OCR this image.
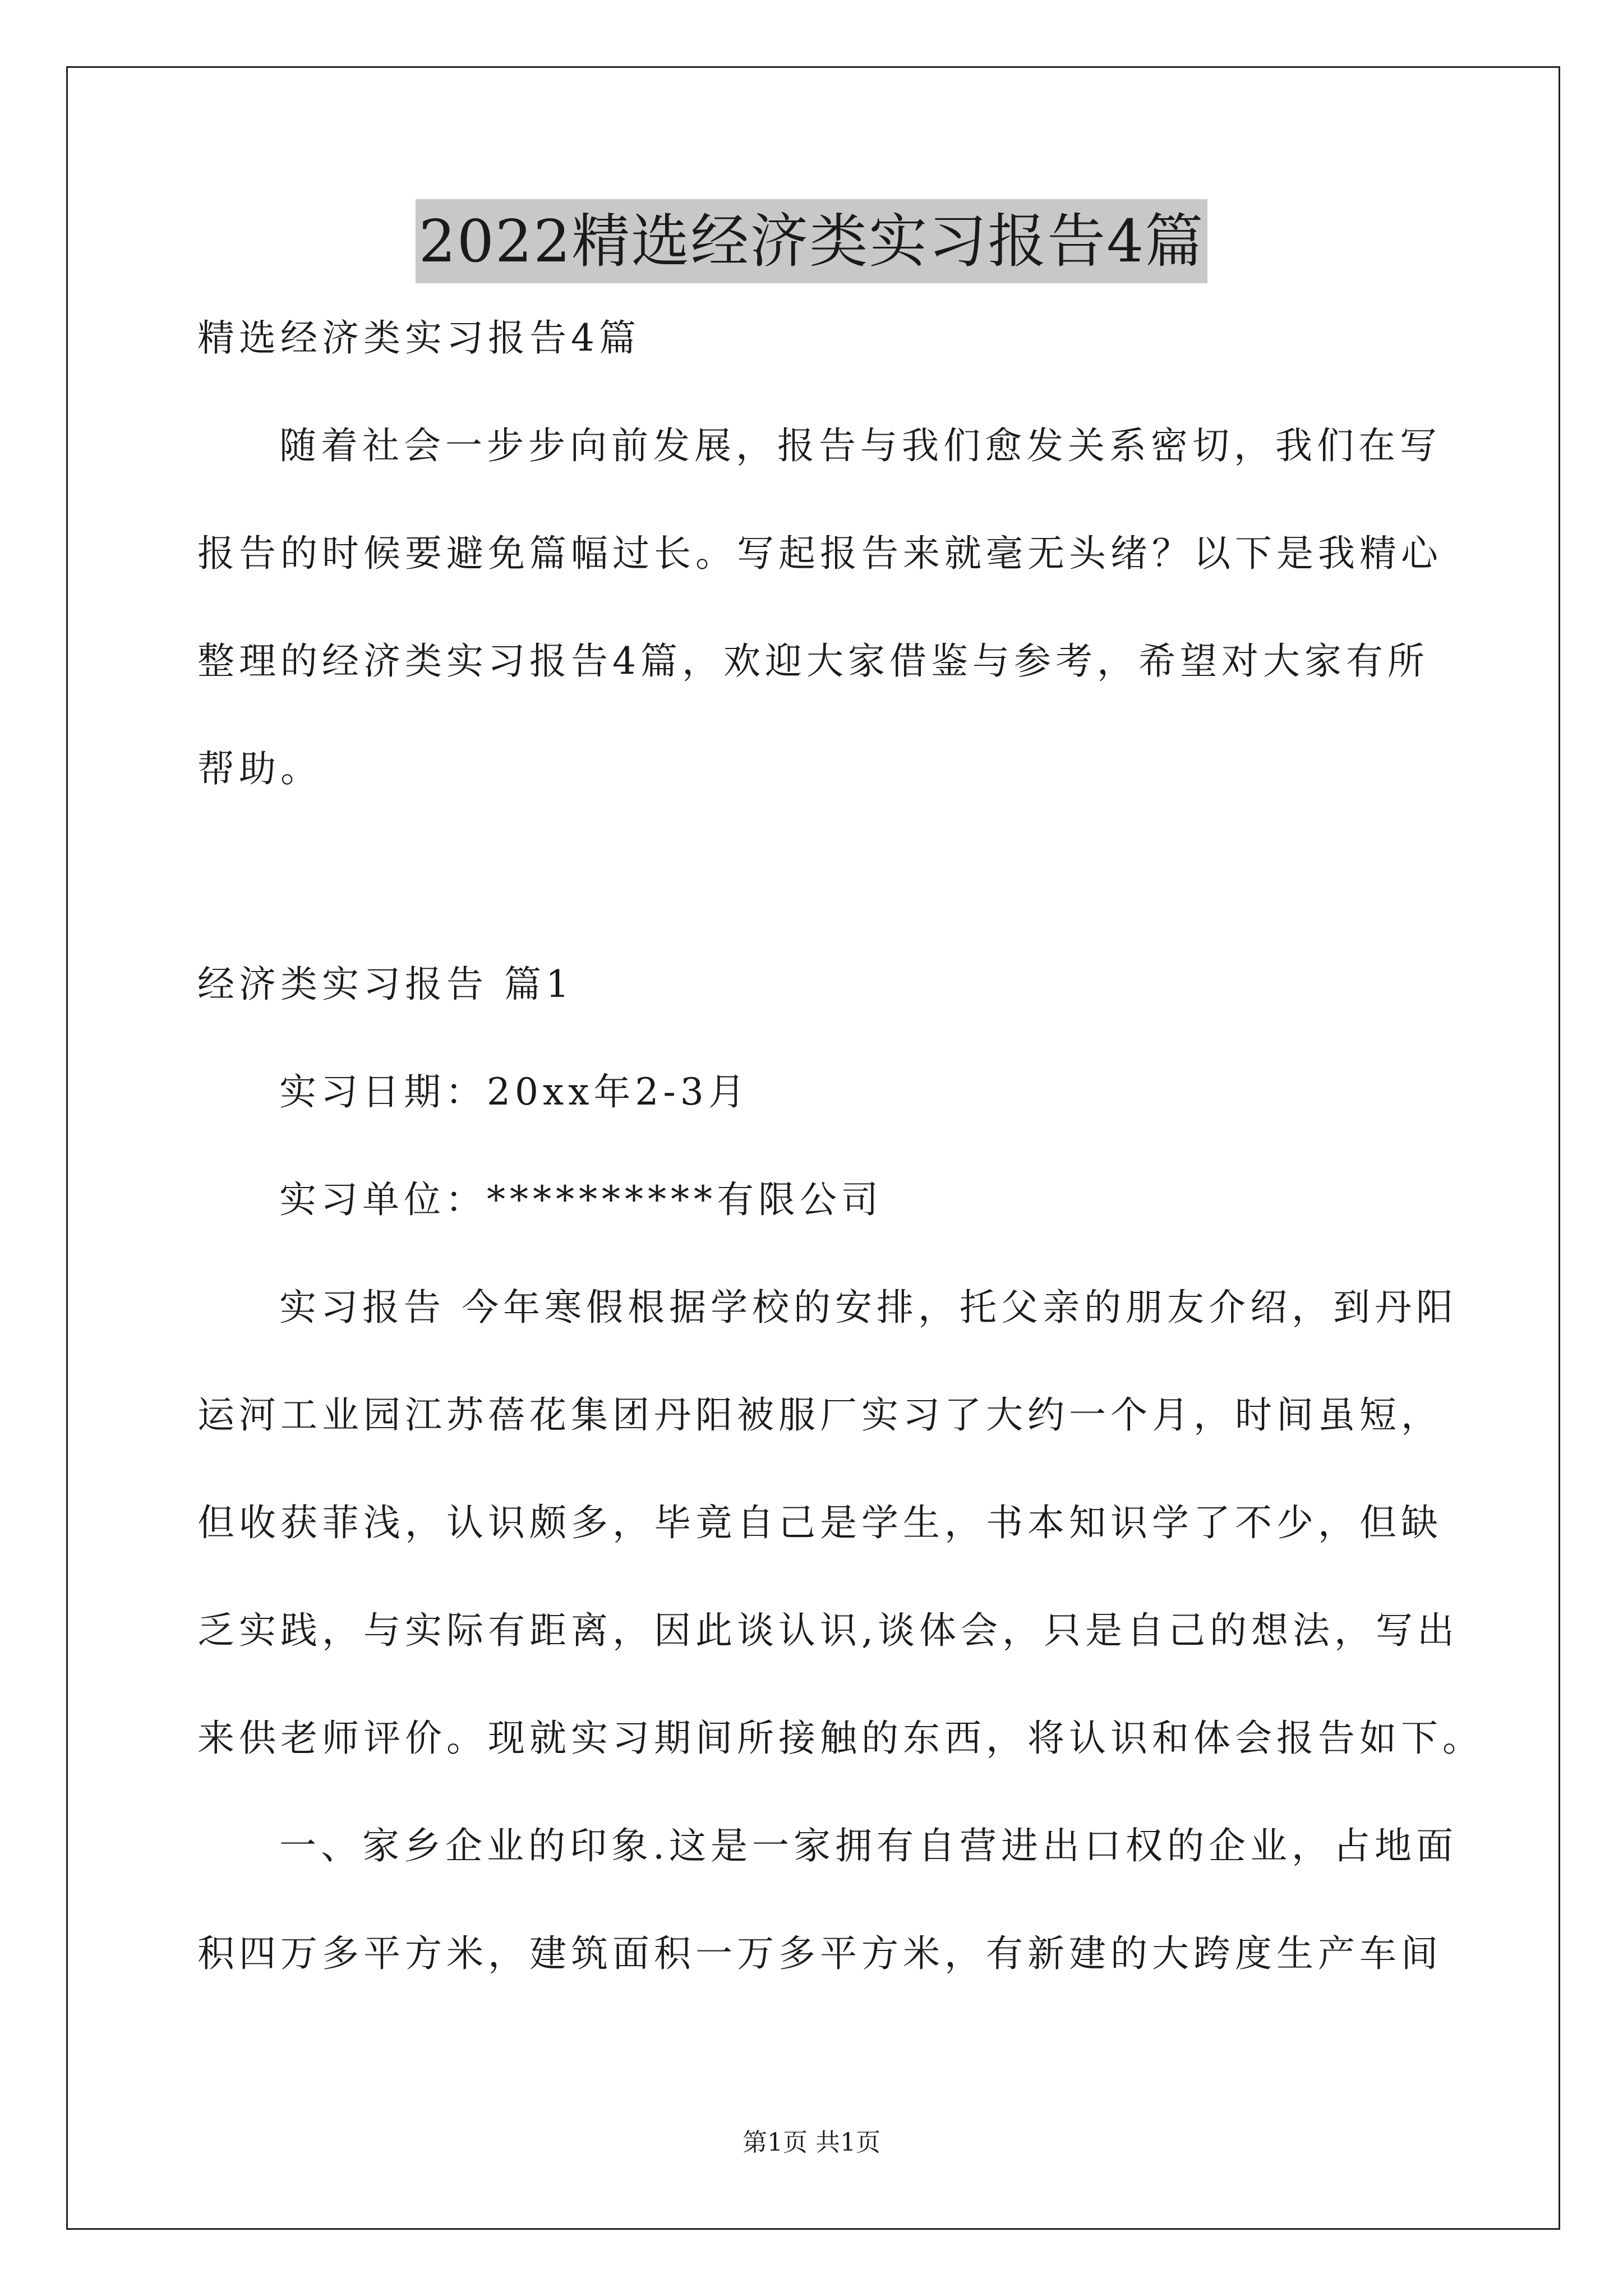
2022精选经济类实习报告4篇

精选经济类实习报告4篇

随着社会一步步向前发展，报告与我们愈发关系密切，我们在写

报告的时候要避免篇幅过长。写起报告来就毫无头绪？以下是我精心

整理的经济类实习报告4篇，欢迎大家借鉴与参考，希望对大家有所

帮助。

经济类实习报告 篇1

实习日期：20xx年2-3月

实习单位：**********有限公司

实习报告 今年寒假根据学校的安排，托父亲的朋友介绍，到丹阳

运河工业园江苏蓓花集团丹阳被服厂实习了大约一个月，时间虽短，

但收获菲浅，认识颇多，毕竟自己是学生，书本知识学了不少，但缺

乏实践，与实际有距离，因此谈认识,谈体会，只是自己的想法，写出

来供老师评价。现就实习期间所接触的东西，将认识和体会报告如下。

一、家乡企业的印象.这是一家拥有自营进出口权的企业，占地面

积四万多平方米，建筑面积一万多平方米，有新建的大跨度生产车间

第1页 共1页
